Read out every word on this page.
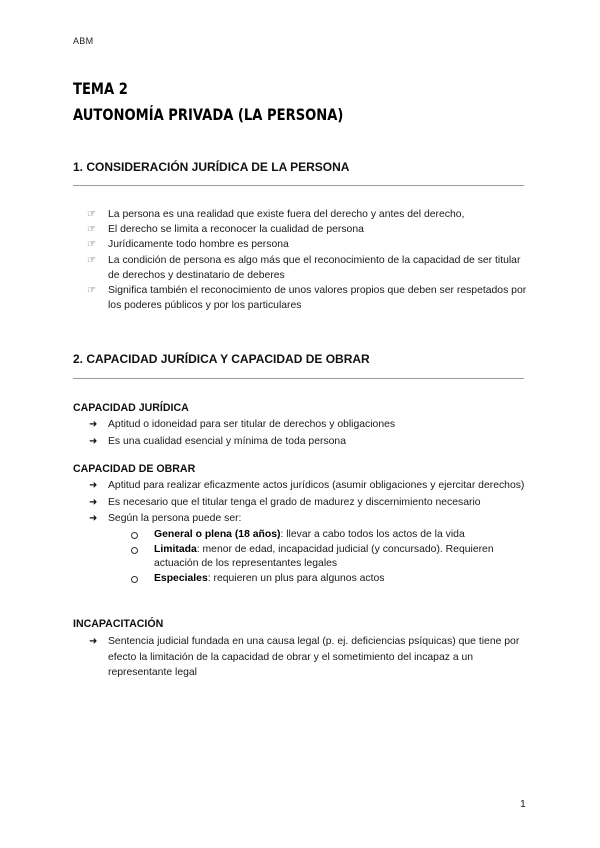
ABM
TEMA 2
AUTONOMÍA PRIVADA (LA PERSONA)
1. CONSIDERACIÓN JURÍDICA DE LA PERSONA
☞ La persona es una realidad que existe fuera del derecho y antes del derecho,
☞ El derecho se limita a reconocer la cualidad de persona
☞ Jurídicamente todo hombre es persona
☞ La condición de persona es algo más que el reconocimiento de la capacidad de ser titular de derechos y destinatario de deberes
☞ Significa también el reconocimiento de unos valores propios que deben ser respetados por los poderes públicos y por los particulares
2. CAPACIDAD JURÍDICA Y CAPACIDAD DE OBRAR
CAPACIDAD JURÍDICA
➜ Aptitud o idoneidad para ser titular de derechos y obligaciones
➜ Es una cualidad esencial y mínima de toda persona
CAPACIDAD DE OBRAR
➜ Aptitud para realizar eficazmente actos jurídicos (asumir obligaciones y ejercitar derechos)
➜ Es necesario que el titular tenga el grado de madurez y discernimiento necesario
➜ Según la persona puede ser:
General o plena (18 años): llevar a cabo todos los actos de la vida
Limitada: menor de edad, incapacidad judicial (y concursado). Requieren actuación de los representantes legales
Especiales: requieren un plus para algunos actos
INCAPACITACIÓN
➜ Sentencia judicial fundada en una causa legal (p. ej. deficiencias psíquicas) que tiene por efecto la limitación de la capacidad de obrar y el sometimiento del incapaz a un representante legal
1
